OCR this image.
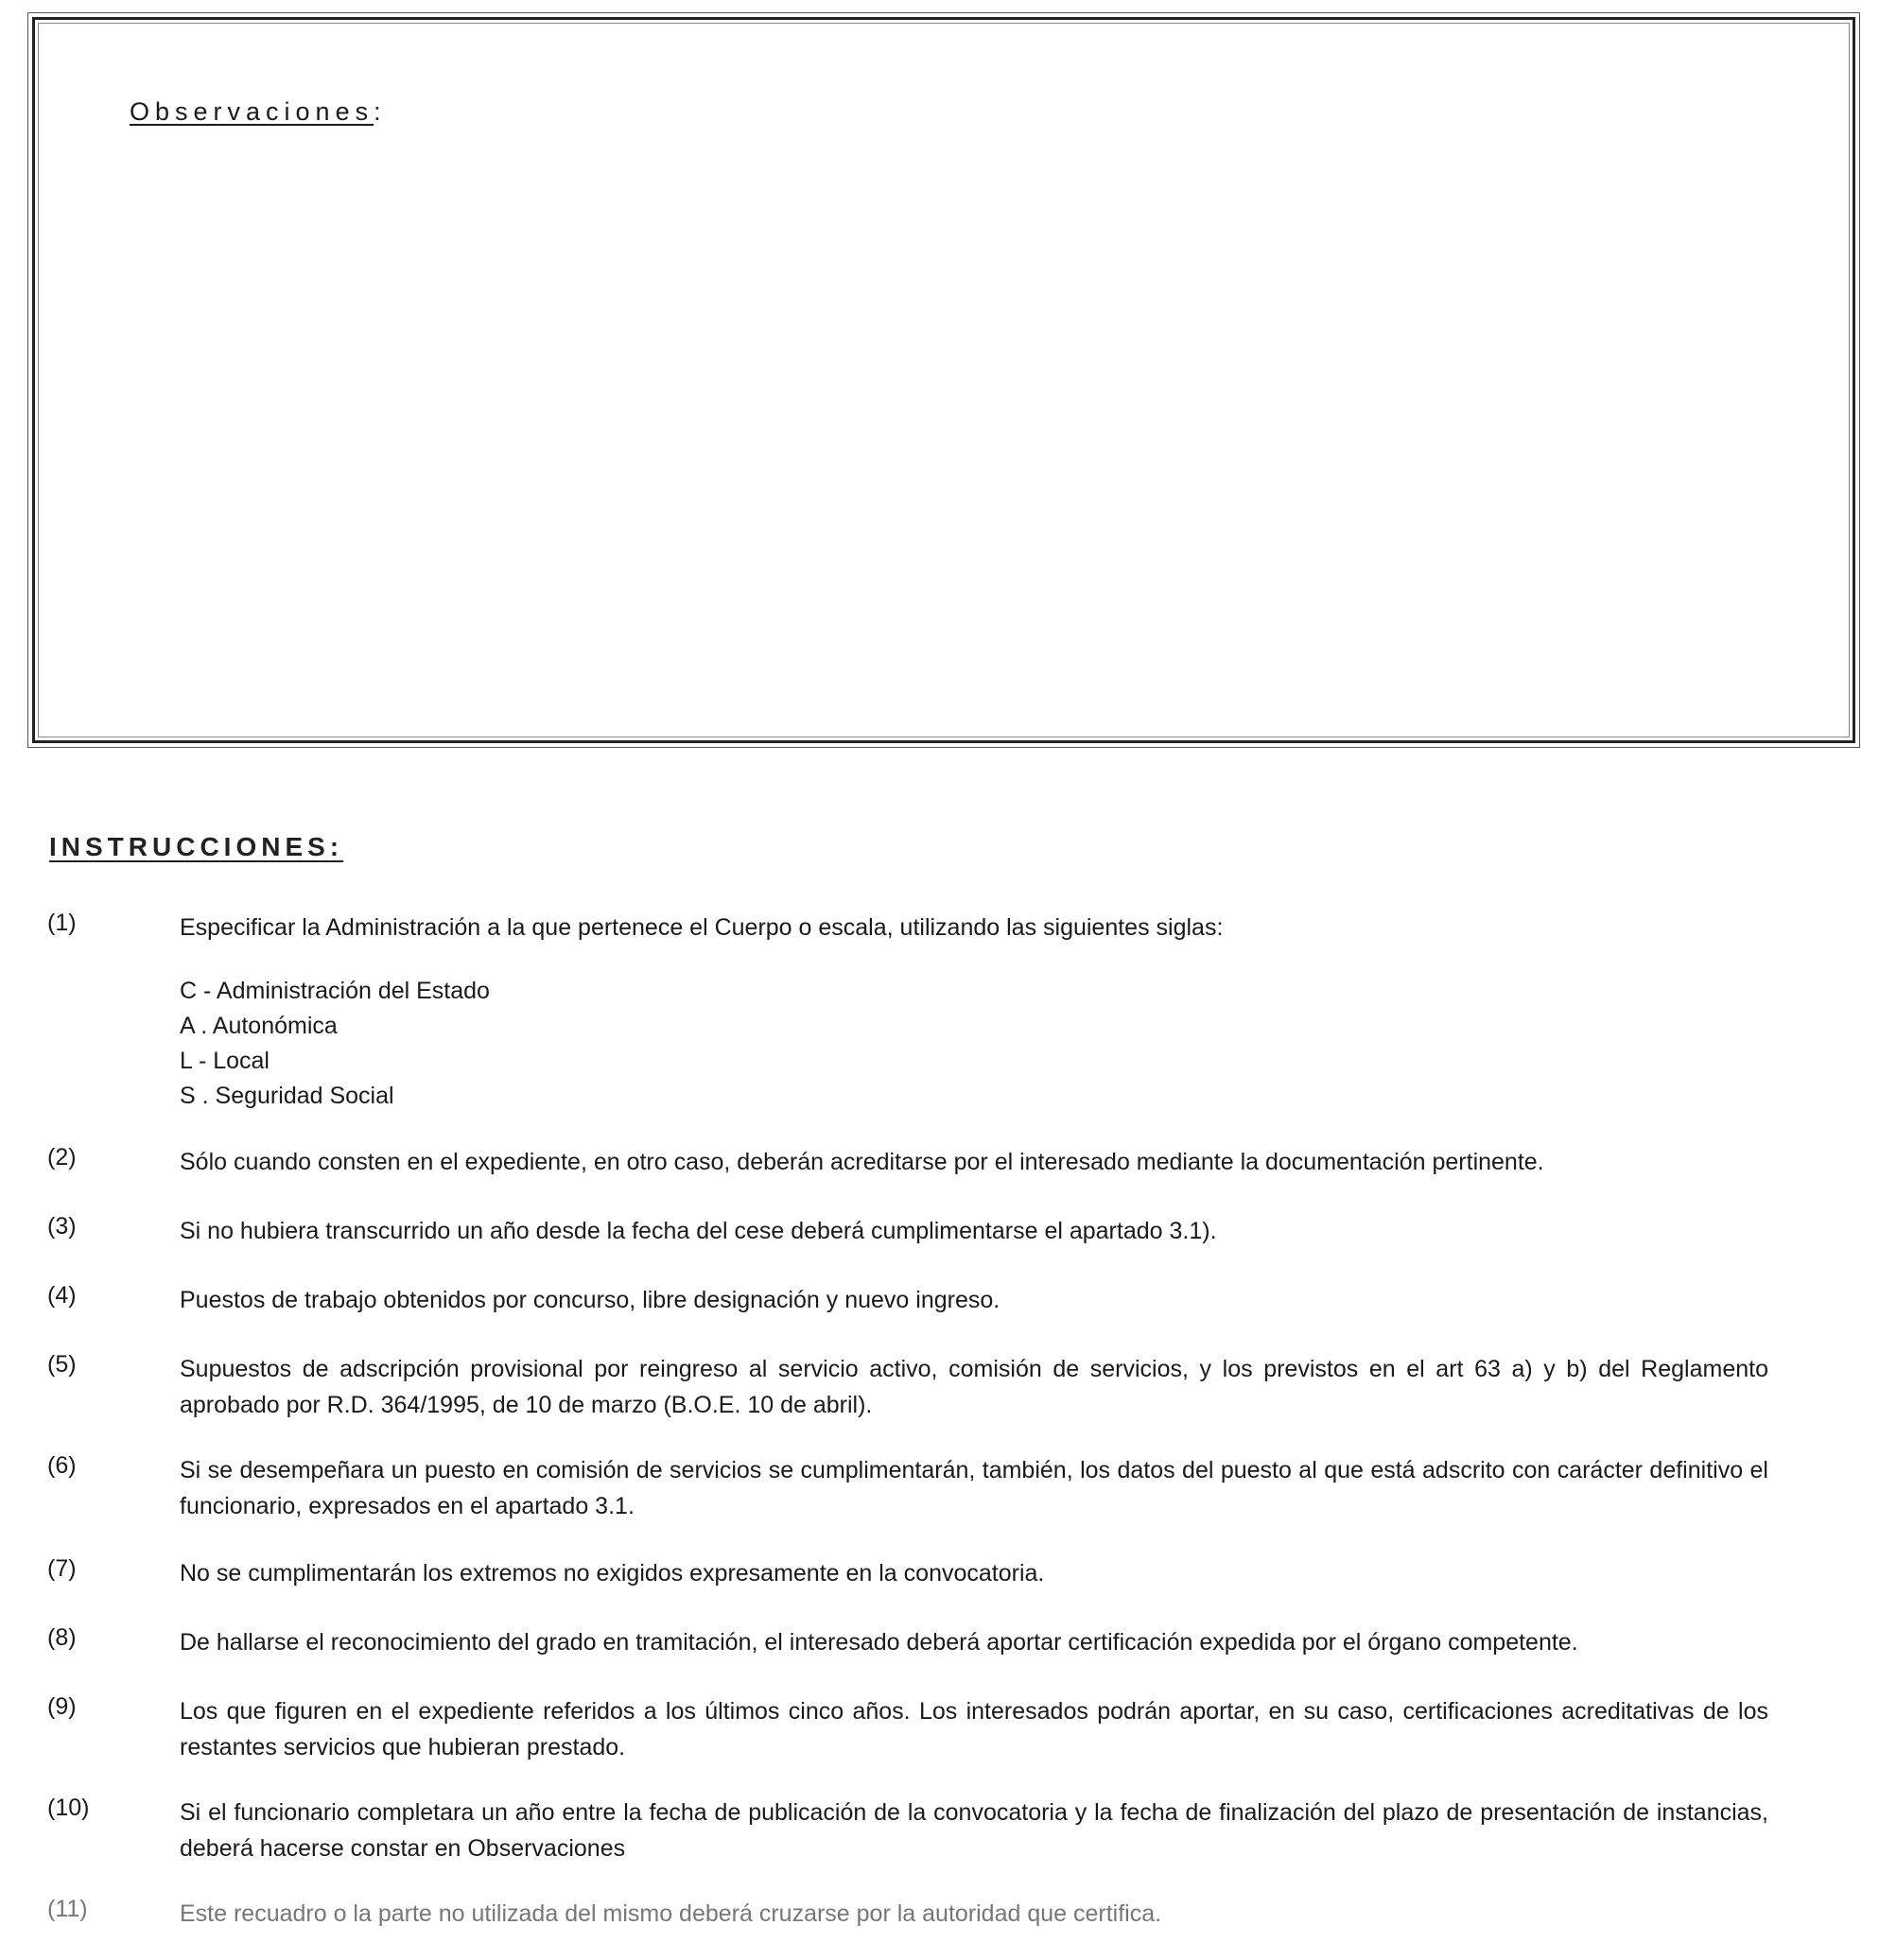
Observaciones:
INSTRUCCIONES:
(1)	Especificar la Administración a la que pertenece el Cuerpo o escala, utilizando las siguientes siglas:
C - Administración del Estado
A . Autonómica
L - Local
S . Seguridad Social
(2)	Sólo cuando consten en el expediente, en otro caso, deberán acreditarse por el interesado mediante la documentación pertinente.
(3)	Si no hubiera transcurrido un año desde la fecha del cese deberá cumplimentarse el apartado 3.1).
(4)	Puestos de trabajo obtenidos por concurso, libre designación y nuevo ingreso.
(5)	Supuestos de adscripción provisional por reingreso al servicio activo, comisión de servicios, y los previstos en el art 63 a) y b) del Reglamento aprobado por R.D. 364/1995, de 10 de marzo (B.O.E. 10 de abril).
(6)	Si se desempeñara un puesto en comisión de servicios se cumplimentarán, también, los datos del puesto al que está adscrito con carácter definitivo el funcionario, expresados en el apartado 3.1.
(7)	No se cumplimentarán los extremos no exigidos expresamente en la convocatoria.
(8)	De hallarse el reconocimiento del grado en tramitación, el interesado deberá aportar certificación expedida por el órgano competente.
(9)	Los que figuren en el expediente referidos a los últimos cinco años. Los interesados podrán aportar, en su caso, certificaciones acreditativas de los restantes servicios que hubieran prestado.
(10)	Si el funcionario completara un año entre la fecha de publicación de la convocatoria y la fecha de finalización del plazo de presentación de instancias, deberá hacerse constar en Observaciones
(11)	Este recuadro o la parte no utilizada del mismo deberá cruzarse por la autoridad que certifica.
